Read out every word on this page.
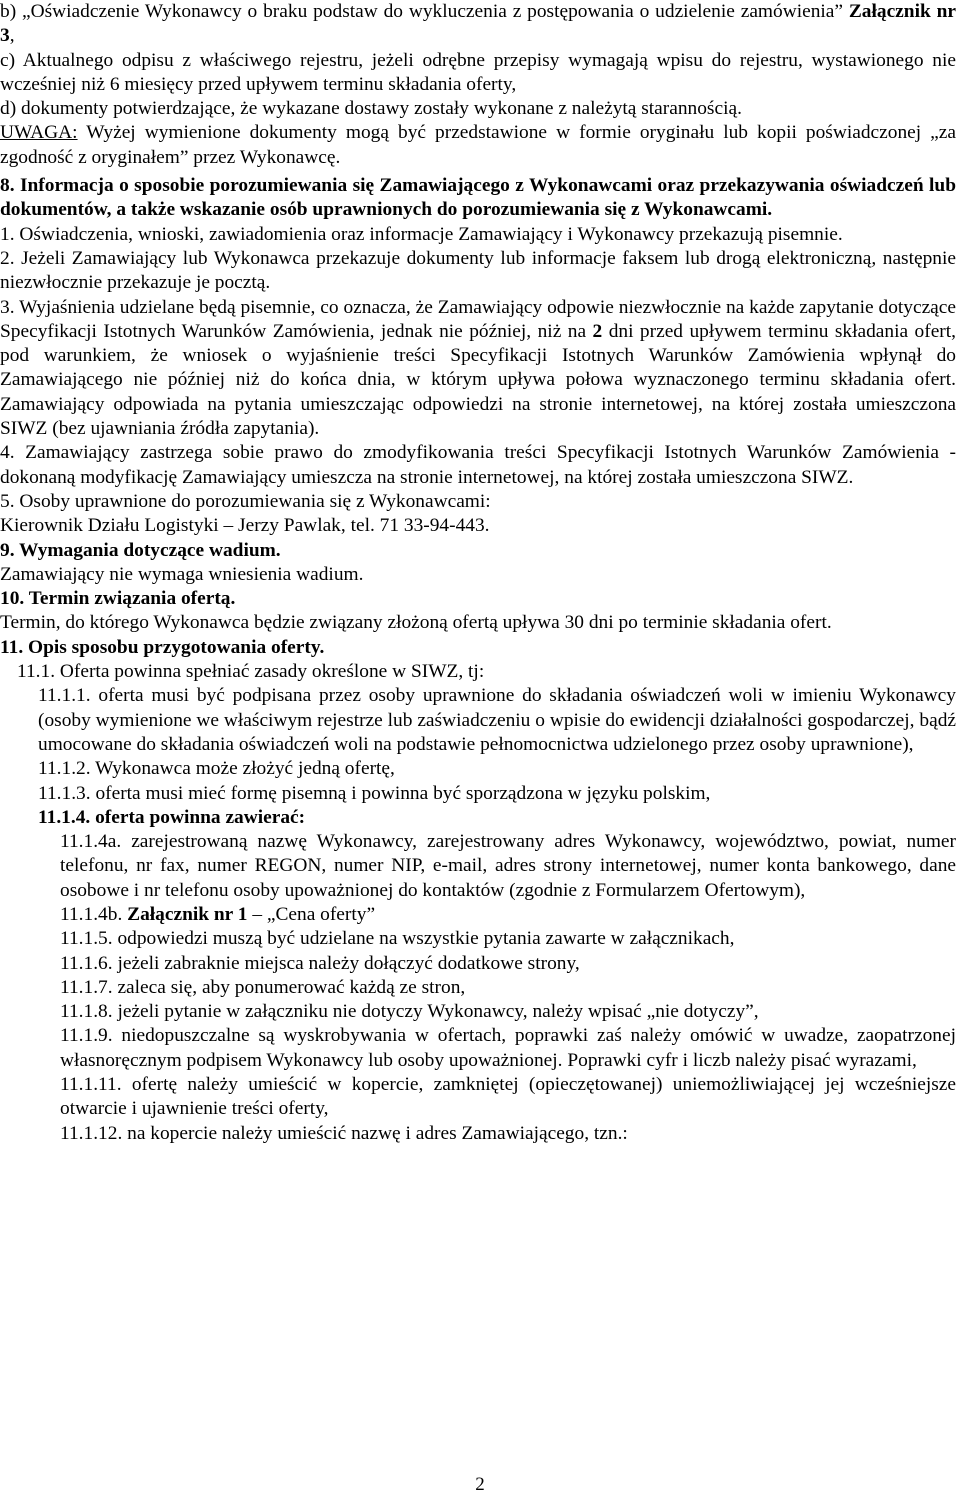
b) „Oświadczenie Wykonawcy o braku podstaw do wykluczenia z postępowania o udzielenie zamówienia” Załącznik nr 3,

c) Aktualnego odpisu z właściwego rejestru, jeżeli odrębne przepisy wymagają wpisu do rejestru, wystawionego nie wcześniej niż 6 miesięcy przed upływem terminu składania oferty,

d) dokumenty potwierdzające, że wykazane dostawy zostały wykonane z należytą starannością.

UWAGA: Wyżej wymienione dokumenty mogą być przedstawione w formie oryginału lub kopii poświadczonej „za zgodność z oryginałem” przez Wykonawcę.

8. Informacja o sposobie porozumiewania się Zamawiającego z Wykonawcami oraz przekazywania oświadczeń lub dokumentów, a także wskazanie osób uprawnionych do porozumiewania się z Wykonawcami.

1. Oświadczenia, wnioski, zawiadomienia oraz informacje Zamawiający i Wykonawcy przekazują pisemnie.

2. Jeżeli Zamawiający lub Wykonawca przekazuje dokumenty lub informacje faksem lub drogą elektroniczną, następnie niezwłocznie przekazuje je pocztą.

3. Wyjaśnienia udzielane będą pisemnie, co oznacza, że Zamawiający odpowie niezwłocznie na każde zapytanie dotyczące Specyfikacji Istotnych Warunków Zamówienia, jednak nie później, niż na 2 dni przed upływem terminu składania ofert, pod warunkiem, że wniosek o wyjaśnienie treści Specyfikacji Istotnych Warunków Zamówienia wpłynął do Zamawiającego nie później niż do końca dnia, w którym upływa połowa wyznaczonego terminu składania ofert. Zamawiający odpowiada na pytania umieszczając odpowiedzi na stronie internetowej, na której została umieszczona SIWZ (bez ujawniania źródła zapytania).

4. Zamawiający zastrzega sobie prawo do zmodyfikowania treści Specyfikacji Istotnych Warunków Zamówienia - dokonaną modyfikację Zamawiający umieszcza na stronie internetowej, na której została umieszczona SIWZ.

5. Osoby uprawnione do porozumiewania się z Wykonawcami:

Kierownik Działu Logistyki – Jerzy Pawlak, tel. 71 33-94-443.

9. Wymagania dotyczące wadium.

Zamawiający nie wymaga wniesienia wadium.

10. Termin związania ofertą.

Termin, do którego Wykonawca będzie związany złożoną ofertą upływa 30 dni po terminie składania ofert.

11. Opis sposobu przygotowania oferty.

11.1. Oferta powinna spełniać zasady określone w SIWZ, tj:

11.1.1. oferta musi być podpisana przez osoby uprawnione do składania oświadczeń woli w imieniu Wykonawcy (osoby wymienione we właściwym rejestrze lub zaświadczeniu o wpisie do ewidencji działalności gospodarczej, bądź umocowane do składania oświadczeń woli na podstawie pełnomocnictwa udzielonego przez osoby uprawnione),

11.1.2. Wykonawca może złożyć jedną ofertę,

11.1.3. oferta musi mieć formę pisemną i powinna być sporządzona w języku polskim,

11.1.4. oferta powinna zawierać:

11.1.4a. zarejestrowaną nazwę Wykonawcy, zarejestrowany adres Wykonawcy, województwo, powiat, numer telefonu, nr fax, numer REGON, numer NIP, e-mail, adres strony internetowej, numer konta bankowego, dane osobowe i nr telefonu osoby upoważnionej do kontaktów (zgodnie z Formularzem Ofertowym),

11.1.4b. Załącznik nr 1 – „Cena oferty”

11.1.5. odpowiedzi muszą być udzielane na wszystkie pytania zawarte w załącznikach,

11.1.6. jeżeli zabraknie miejsca należy dołączyć dodatkowe strony,

11.1.7. zaleca się, aby ponumerować każdą ze stron,

11.1.8. jeżeli pytanie w załączniku nie dotyczy Wykonawcy, należy wpisać „nie dotyczy”,

11.1.9. niedopuszczalne są wyskrobywania w ofertach, poprawki zaś należy omówić w uwadze, zaopatrzonej własnoręcznym podpisem Wykonawcy lub osoby upoważnionej. Poprawki cyfr i liczb należy pisać wyrazami,

11.1.11. ofertę należy umieścić w kopercie, zamkniętej (opieczętowanej) uniemożliwiającej jej wcześniejsze otwarcie i ujawnienie treści oferty,

11.1.12. na kopercie należy umieścić nazwę i adres Zamawiającego, tzn.:

2
